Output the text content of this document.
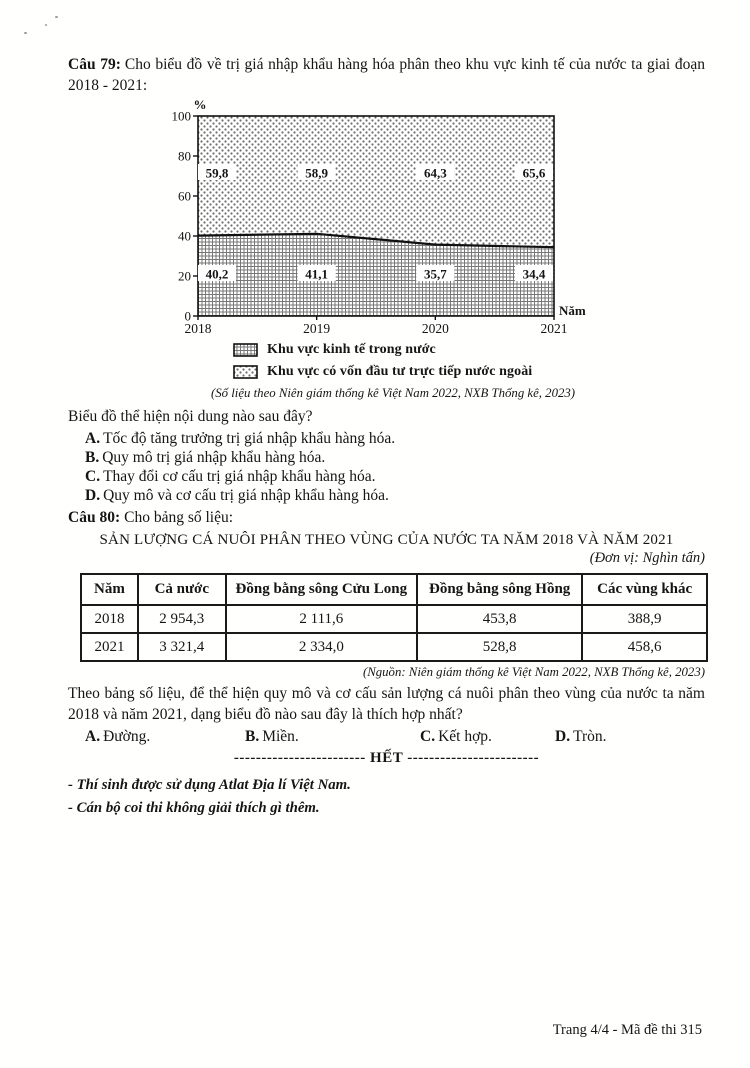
Câu 79: Cho biểu đồ về trị giá nhập khẩu hàng hóa phân theo khu vực kinh tế của nước ta giai đoạn 2018 - 2021:

0
20
40
60
80
100
2018	2019	2020	2021
%
Năm
40,2	41,1	35,7	34,4
59,8	58,9	64,3	65,6
Khu vực kinh tế trong nước
Khu vực có vốn đầu tư trực tiếp nước ngoài
(Số liệu theo Niên giám thống kê Việt Nam 2022, NXB Thống kê, 2023)

Biểu đồ thể hiện nội dung nào sau đây?

A. Tốc độ tăng trưởng trị giá nhập khẩu hàng hóa.

B. Quy mô trị giá nhập khẩu hàng hóa.

C. Thay đổi cơ cấu trị giá nhập khẩu hàng hóa.

D. Quy mô và cơ cấu trị giá nhập khẩu hàng hóa.

Câu 80: Cho bảng số liệu:

SẢN LƯỢNG CÁ NUÔI PHÂN THEO VÙNG CỦA NƯỚC TA NĂM 2018 VÀ NĂM 2021
(Đơn vị: Nghìn tấn)
Năm	Cả nước	Đồng bằng sông Cửu Long	Đồng bằng sông Hồng	Các vùng khác
2018	2 954,3	2 111,6	453,8	388,9
2021	3 321,4	2 334,0	528,8	458,6
(Nguồn: Niên giám thống kê Việt Nam 2022, NXB Thống kê, 2023)

Theo bảng số liệu, để thể hiện quy mô và cơ cấu sản lượng cá nuôi phân theo vùng của nước ta năm 2018 và năm 2021, dạng biểu đồ nào sau đây là thích hợp nhất?

A. Đường.	B. Miền.	C. Kết hợp.	D. Tròn.
------------------------ HẾT ------------------------

- Thí sinh được sử dụng Atlat Địa lí Việt Nam.

- Cán bộ coi thi không giải thích gì thêm.

Trang 4/4 - Mã đề thi 315
